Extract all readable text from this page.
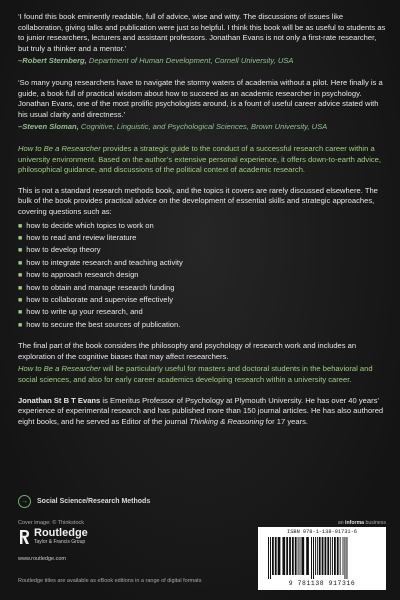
‘I found this book eminently readable, full of advice, wise and witty. The discussions of issues like collaboration, giving talks and publication were just so helpful. I think this book will be as useful to students as to junior researchers, lecturers and assistant professors. Jonathan Evans is not only a first-rate researcher, but truly a thinker and a mentor.’

–Robert Sternberg, Department of Human Development, Cornell University, USA

‘So many young researchers have to navigate the stormy waters of academia without a pilot. Here finally is a guide, a book full of practical wisdom about how to succeed as an academic researcher in psychology. Jonathan Evans, one of the most prolific psychologists around, is a fount of useful career advice stated with his usual clarity and directness.’

–Steven Sloman, Cognitive, Linguistic, and Psychological Sciences, Brown University, USA

How to Be a Researcher provides a strategic guide to the conduct of a successful research career within a university environment. Based on the author’s extensive personal experience, it offers down-to-earth advice, philosophical guidance, and discussions of the political context of academic research.

This is not a standard research methods book, and the topics it covers are rarely discussed elsewhere. The bulk of the book provides practical advice on the development of essential skills and strategic approaches, covering questions such as:

■ how to decide which topics to work on
■ how to read and review literature
■ how to develop theory
■ how to integrate research and teaching activity
■ how to approach research design
■ how to obtain and manage research funding
■ how to collaborate and supervise effectively
■ how to write up your research, and
■ how to secure the best sources of publication.

The final part of the book considers the philosophy and psychology of research work and includes an exploration of the cognitive biases that may affect researchers.

How to Be a Researcher will be particularly useful for masters and doctoral students in the behavioral and social sciences, and also for early career academics developing research within a university career.

Jonathan St B T Evans is Emeritus Professor of Psychology at Plymouth University. He has over 40 years’ experience of experimental research and has published more than 150 journal articles. He has also authored eight books, and he served as Editor of the journal Thinking & Reasoning for 17 years.

→	Social Science/Research Methods
Cover image: © Thinkstock	an informa business
Routledge
Taylor & Francis Group
www.routledge.com
Routledge titles are available as eBook editions in a range of digital formats
ISBN 978-1-138-91731-6
9 781138 917316
